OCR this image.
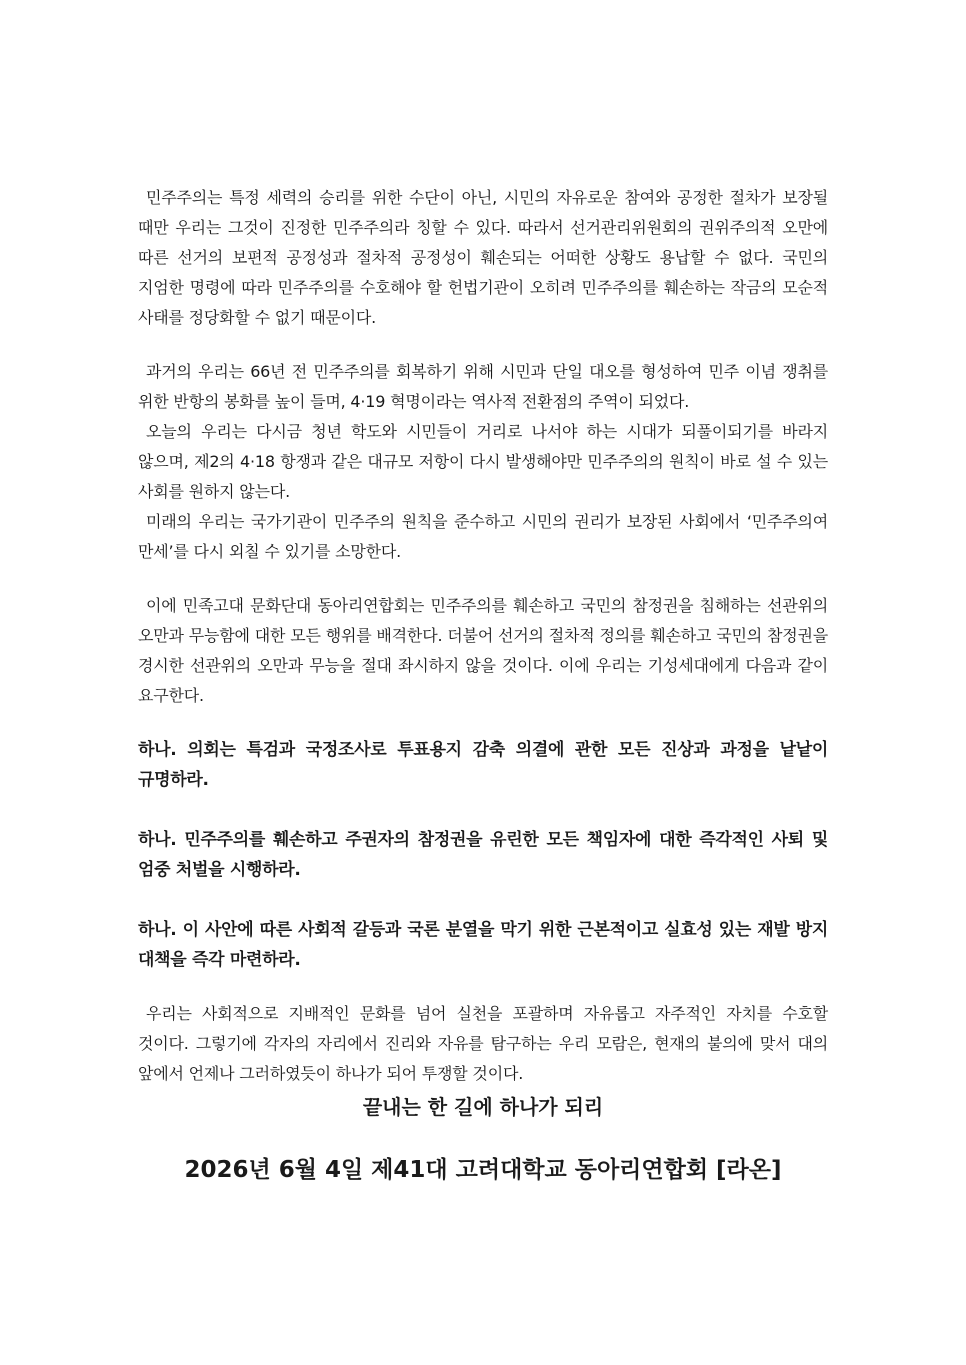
민주주의는 특정 세력의 승리를 위한 수단이 아닌, 시민의 자유로운 참여와 공정한 절차가 보장될 때만 우리는 그것이 진정한 민주주의라 칭할 수 있다. 따라서 선거관리위원회의 권위주의적 오만에 따른 선거의 보편적 공정성과 절차적 공정성이 훼손되는 어떠한 상황도 용납할 수 없다. 국민의 지엄한 명령에 따라 민주주의를 수호해야 할 헌법기관이 오히려 민주주의를 훼손하는 작금의 모순적 사태를 정당화할 수 없기 때문이다.

과거의 우리는 66년 전 민주주의를 회복하기 위해 시민과 단일 대오를 형성하여 민주 이념 쟁취를 위한 반항의 봉화를 높이 들며, 4·19 혁명이라는 역사적 전환점의 주역이 되었다.
오늘의 우리는 다시금 청년 학도와 시민들이 거리로 나서야 하는 시대가 되풀이되기를 바라지 않으며, 제2의 4·18 항쟁과 같은 대규모 저항이 다시 발생해야만 민주주의의 원칙이 바로 설 수 있는 사회를 원하지 않는다.
미래의 우리는 국가기관이 민주주의 원칙을 준수하고 시민의 권리가 보장된 사회에서 ‘민주주의여 만세’를 다시 외칠 수 있기를 소망한다.

이에 민족고대 문화단대 동아리연합회는 민주주의를 훼손하고 국민의 참정권을 침해하는 선관위의 오만과 무능함에 대한 모든 행위를 배격한다. 더불어 선거의 절차적 정의를 훼손하고 국민의 참정권을 경시한 선관위의 오만과 무능을 절대 좌시하지 않을 것이다. 이에 우리는 기성세대에게 다음과 같이 요구한다.

하나. 의회는 특검과 국정조사로 투표용지 감축 의결에 관한 모든 진상과 과정을 낱낱이 규명하라.

하나. 민주주의를 훼손하고 주권자의 참정권을 유린한 모든 책임자에 대한 즉각적인 사퇴 및 엄중 처벌을 시행하라.

하나. 이 사안에 따른 사회적 갈등과 국론 분열을 막기 위한 근본적이고 실효성 있는 재발 방지 대책을 즉각 마련하라.

우리는 사회적으로 지배적인 문화를 넘어 실천을 포괄하며 자유롭고 자주적인 자치를 수호할 것이다. 그렇기에 각자의 자리에서 진리와 자유를 탐구하는 우리 모람은, 현재의 불의에 맞서 대의 앞에서 언제나 그러하였듯이 하나가 되어 투쟁할 것이다.

끝내는 한 길에 하나가 되리
2026년 6월 4일 제41대 고려대학교 동아리연합회 [라온]
